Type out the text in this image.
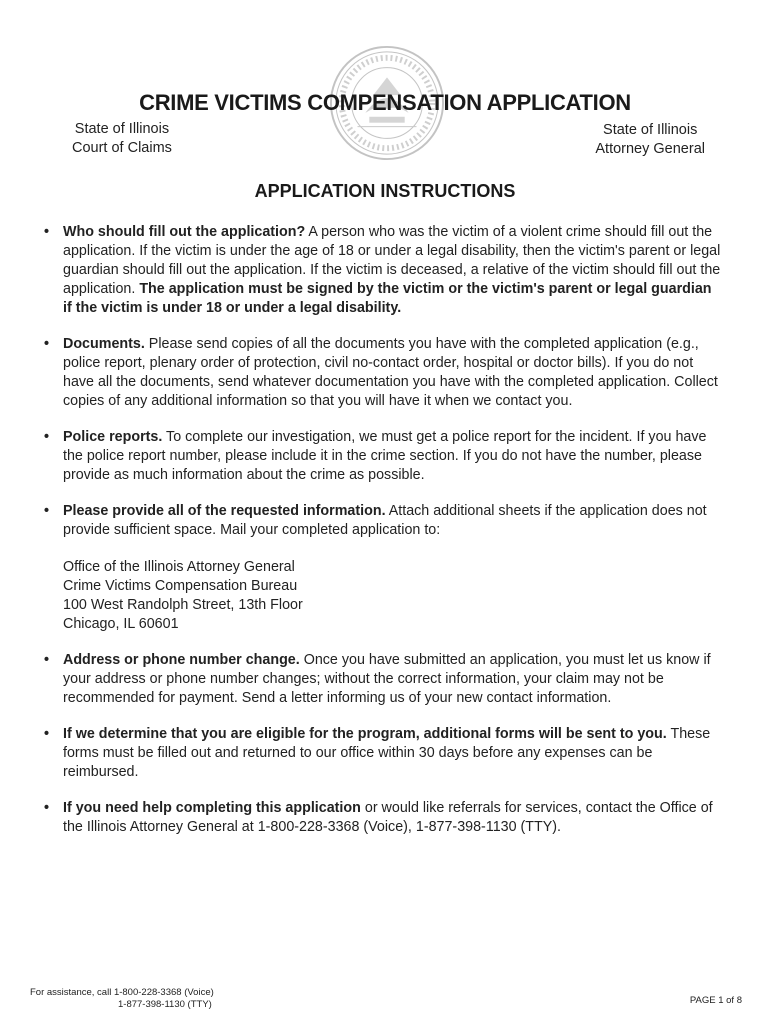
CRIME VICTIMS COMPENSATION APPLICATION
State of Illinois
Court of Claims
State of Illinois
Attorney General
APPLICATION INSTRUCTIONS
• Who should fill out the application? A person who was the victim of a violent crime should fill out the application. If the victim is under the age of 18 or under a legal disability, then the victim's parent or legal guardian should fill out the application. If the victim is deceased, a relative of the victim should fill out the application. The application must be signed by the victim or the victim's parent or legal guardian if the victim is under 18 or under a legal disability.
• Documents. Please send copies of all the documents you have with the completed application (e.g., police report, plenary order of protection, civil no-contact order, hospital or doctor bills). If you do not have all the documents, send whatever documentation you have with the completed application. Collect copies of any additional information so that you will have it when we contact you.
• Police reports. To complete our investigation, we must get a police report for the incident. If you have the police report number, please include it in the crime section. If you do not have the number, please provide as much information about the crime as possible.
• Please provide all of the requested information. Attach additional sheets if the application does not provide sufficient space. Mail your completed application to:
Office of the Illinois Attorney General
Crime Victims Compensation Bureau
100 West Randolph Street, 13th Floor
Chicago, IL 60601
• Address or phone number change. Once you have submitted an application, you must let us know if your address or phone number changes; without the correct information, your claim may not be recommended for payment. Send a letter informing us of your new contact information.
• If we determine that you are eligible for the program, additional forms will be sent to you. These forms must be filled out and returned to our office within 30 days before any expenses can be reimbursed.
• If you need help completing this application or would like referrals for services, contact the Office of the Illinois Attorney General at 1-800-228-3368 (Voice), 1-877-398-1130 (TTY).
For assistance, call 1-800-228-3368 (Voice)
1-877-398-1130 (TTY)	PAGE 1 of 8
